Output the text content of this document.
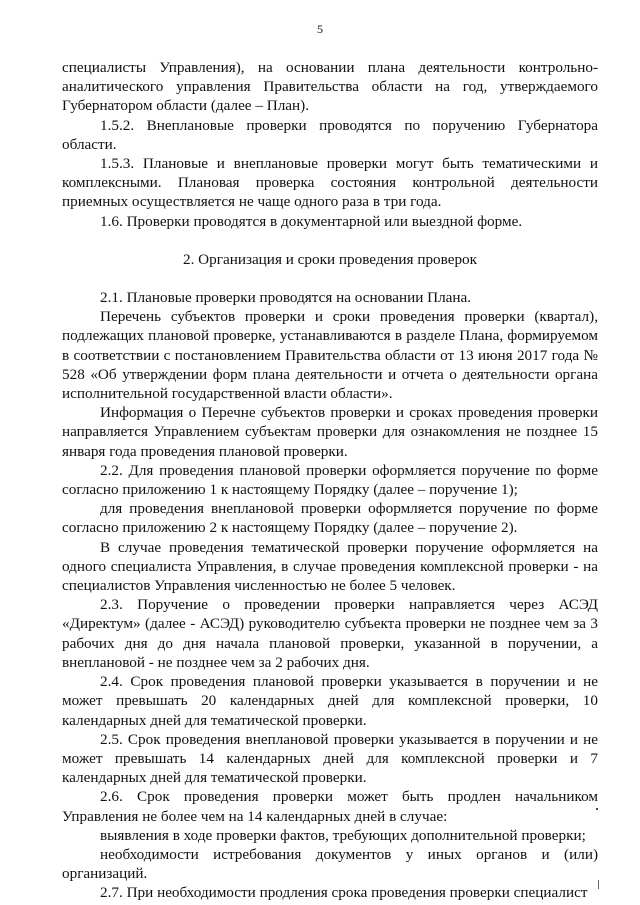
5

специалисты Управления), на основании плана деятельности контрольно-аналитического управления Правительства области на год, утверждаемого Губернатором области (далее – План).

1.5.2. Внеплановые проверки проводятся по поручению Губернатора области.

1.5.3. Плановые и внеплановые проверки могут быть тематическими и комплексными. Плановая проверка состояния контрольной деятельности приемных осуществляется не чаще одного раза в три года.

1.6. Проверки проводятся в документарной или выездной форме.

2. Организация и сроки проведения проверок

2.1. Плановые проверки проводятся на основании Плана.

Перечень субъектов проверки и сроки проведения проверки (квартал), подлежащих плановой проверке, устанавливаются в разделе Плана, формируемом в соответствии с постановлением Правительства области от 13 июня 2017 года № 528 «Об утверждении форм плана деятельности и отчета о деятельности органа исполнительной государственной власти области».

Информация о Перечне субъектов проверки и сроках проведения проверки направляется Управлением субъектам проверки для ознакомления не позднее 15 января года проведения плановой проверки.

2.2. Для проведения плановой проверки оформляется поручение по форме согласно приложению 1 к настоящему Порядку (далее – поручение 1);

для проведения внеплановой проверки оформляется поручение по форме согласно приложению 2 к настоящему Порядку (далее – поручение 2).

В случае проведения тематической проверки поручение оформляется на одного специалиста Управления, в случае проведения комплексной проверки - на специалистов Управления численностью не более 5 человек.

2.3. Поручение о проведении проверки направляется через АСЭД «Директум» (далее - АСЭД) руководителю субъекта проверки не позднее чем за 3 рабочих дня до дня начала плановой проверки, указанной в поручении, а внеплановой - не позднее чем за 2 рабочих дня.

2.4. Срок проведения плановой проверки указывается в поручении и не может превышать 20 календарных дней для комплексной проверки, 10 календарных дней для тематической проверки.

2.5. Срок проведения внеплановой проверки указывается в поручении и не может превышать 14 календарных дней для комплексной проверки и 7 календарных дней для тематической проверки.

2.6. Срок проведения проверки может быть продлен начальником Управления не более чем на 14 календарных дней в случае:

выявления в ходе проверки фактов, требующих дополнительной проверки;

необходимости истребования документов у иных органов и (или) организаций.

2.7. При необходимости продления срока проведения проверки специалист
